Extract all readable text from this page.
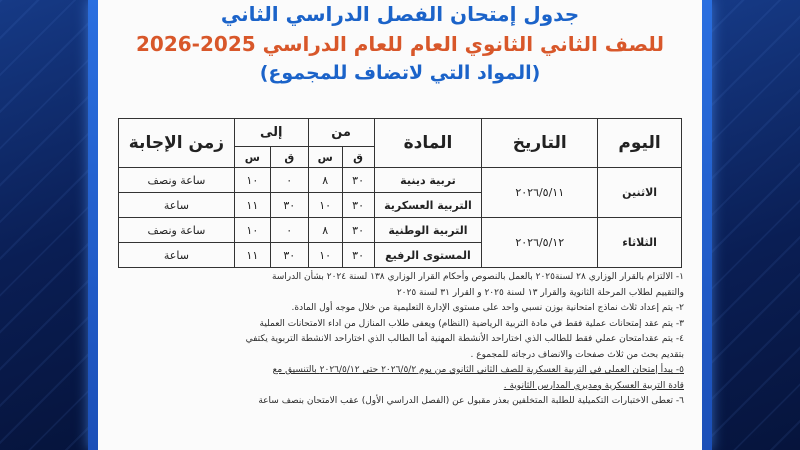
جدول إمتحان الفصل الدراسي الثاني
للصف الثاني الثانوي العام للعام الدراسي 2025-2026
(المواد التي لاتضاف للمجموع)
اليوم	التاريخ	المادة	من		إلى		زمن الإجابة
			ق	س	ق	س	
الاثنين	٢٠٢٦/٥/١١	تربية دينية	٣٠	٨	٠	١٠	ساعة ونصف
		التربية العسكرية	٣٠	١٠	٣٠	١١	ساعة
الثلاثاء	٢٠٢٦/٥/١٢	التربية الوطنية	٣٠	٨	٠	١٠	ساعة ونصف
		المستوى الرفيع	٣٠	١٠	٣٠	١١	ساعة

١- الالتزام بالقرار الوزاري ٢٨ لسنة٢٠٢٥ بالعمل بالنصوص وأحكام القرار الوزاري ١٣٨ لسنة ٢٠٢٤ بشأن الدراسة

والتقييم لطلاب المرحلة الثانوية والقرار ١٣ لسنة ٢٠٢٥ و القرار ٣١ لسنة ٢٠٢٥

٢- يتم إعداد ثلاث نماذج امتحانية بوزن نسبي واحد على مستوى الإدارة التعليمية من خلال موجه أول المادة.

٣- يتم عقد إمتحانات عملية فقط في مادة التربية الرياضية (النظام) ويعفى طلاب المنازل من اداء الامتحانات العملية

٤- يتم عقدامتحان عملي فقط للطالب الذي اختاراحد الأنشطة المهنية أما الطالب الذي اختاراحد الانشطة التربوية يكتفي

بتقديم بحث من ثلاث صفحات والانضاف درجاته للمجموع .

٥- يبدأ إمتحان العملي في التربية العسكرية للصف الثاني الثانوي من يوم ٢٠٢٦/٥/٢ حتى ٢٠٢٦/٥/١٢ بالتنسيق مع

قادة التربية العسكرية ومديري المدارس الثانوية .

٦- تعطى الاختبارات التكميلية للطلبة المتخلفين بعذر مقبول عن (الفصل الدراسي الأول) عقب الامتحان بنصف ساعة
